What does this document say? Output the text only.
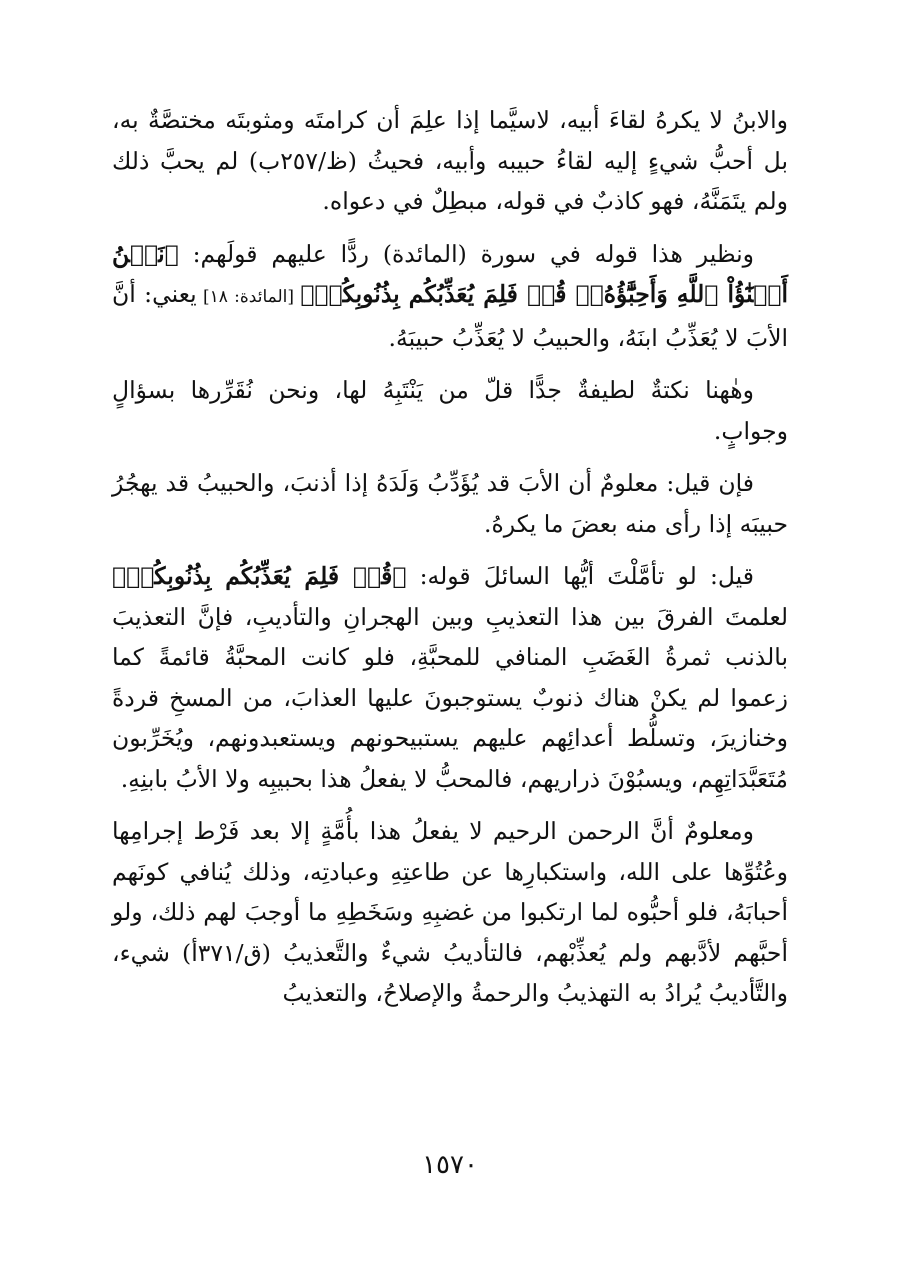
والابنُ لا يكرهُ لقاءَ أبيه، لاسيَّما إذا علِمَ أن كرامتَه ومثوبتَه مختصَّةٌ به، بل أحبُّ شيءٍ إليه لقاءُ حبيبه وأبيه، فحيثُ (ظ/٢٥٧ب) لم يحبَّ ذلك ولم يتَمَنَّهُ، فهو كاذبٌ في قوله، مبطِلٌ في دعواه.

ونظير هذا قوله في سورة (المائدة) ردًّا عليهم قولَهم: ﴿نَحۡنُ أَبۡنَٰٓؤُاْ ٱللَّهِ وَأَحِبَّٰٓؤُهُۥۚ قُلۡ فَلِمَ يُعَذِّبُكُم بِذُنُوبِكُمۖ﴾ [المائدة: ١٨] يعني: أنَّ الأبَ لا يُعَذِّبُ ابنَهُ، والحبيبُ لا يُعَذِّبُ حبيبَهُ.

وهٰهنا نكتةٌ لطيفةٌ جدًّا قلّ من يَنْتَبِهُ لها، ونحن نُقَرِّرها بسؤالٍ وجوابٍ.

فإن قيل: معلومٌ أن الأبَ قد يُؤَدِّبُ وَلَدَهُ إذا أذنبَ، والحبيبُ قد يهجُرُ حبيبَه إذا رأى منه بعضَ ما يكرهُ.

قيل: لو تأمَّلْتَ أيُّها السائلَ قوله: ﴿قُلۡ فَلِمَ يُعَذِّبُكُم بِذُنُوبِكُمۖ﴾ لعلمتَ الفرقَ بين هذا التعذيبِ وبين الهجرانِ والتأديبِ، فإنَّ التعذيبَ بالذنب ثمرةُ الغَضَبِ المنافي للمحبَّةِ، فلو كانت المحبَّةُ قائمةً كما زعموا لم يكنْ هناك ذنوبٌ يستوجبونَ عليها العذابَ، من المسخِ قردةً وخنازيرَ، وتسلُّط أعدائِهم عليهم يستبيحونهم ويستعبدونهم، ويُخَرِّبون مُتَعَبَّدَاتِهِم، ويسبُوْنَ ذراريهم، فالمحبُّ لا يفعلُ هذا بحبيبِه ولا الأبُ بابنِهِ.

ومعلومٌ أنَّ الرحمن الرحيم لا يفعلُ هذا بأُمَّةٍ إلا بعد فَرْط إجرامِها وعُتُوِّها على الله، واستكبارِها عن طاعتِهِ وعبادتِه، وذلك يُنافي كونَهم أحبابَهُ، فلو أحبُّوه لما ارتكبوا من غضبِهِ وسَخَطِهِ ما أوجبَ لهم ذلك، ولو أحبَّهم لأدَّبهم ولم يُعذِّبْهم، فالتأديبُ شيءٌ والتَّعذيبُ (ق/٣٧١أ) شيء، والتَّأديبُ يُرادُ به التهذيبُ والرحمةُ والإصلاحُ، والتعذيبُ

١٥٧٠
